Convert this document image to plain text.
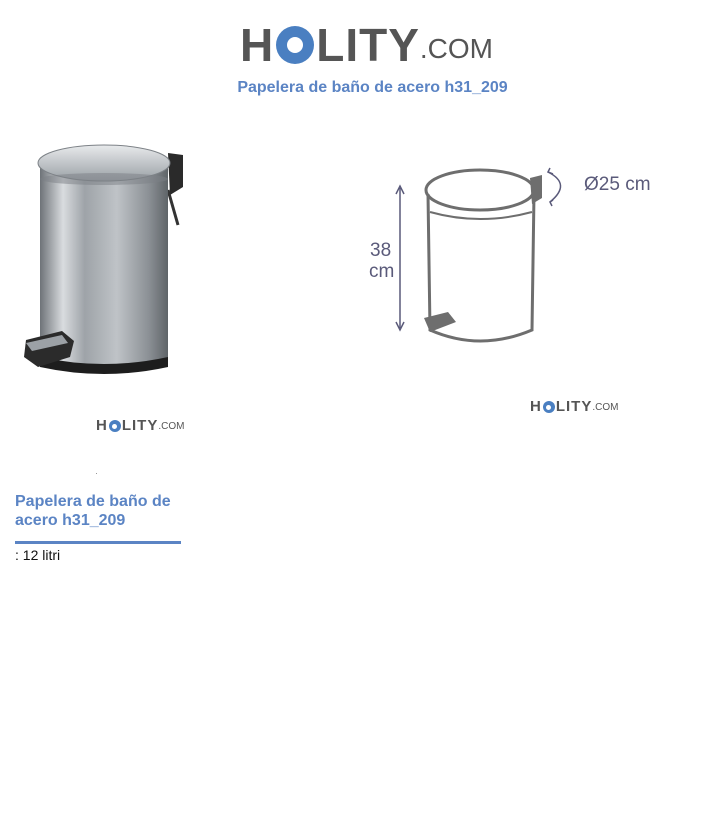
H LITY .COM
Papelera de baño de acero h31_209
H LITY .COM
·
Ø25 cm
38
cm
H LITY .COM
Papelera de baño de acero h31_209
: 12 litri
